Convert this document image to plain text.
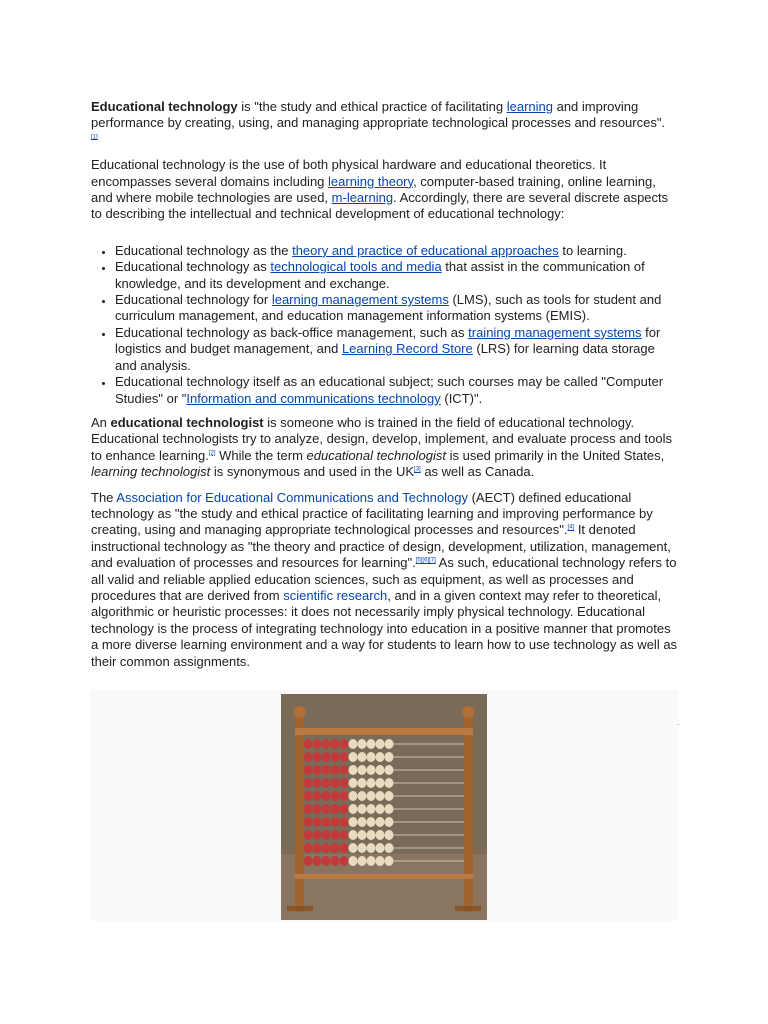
Educational technology is "the study and ethical practice of facilitating learning and improving performance by creating, using, and managing appropriate technological processes and resources".
[1]

Educational technology is the use of both physical hardware and educational theoretics. It encompasses several domains including learning theory, computer-based training, online learning, and where mobile technologies are used, m-learning. Accordingly, there are several discrete aspects to describing the intellectual and technical development of educational technology:

• Educational technology as the theory and practice of educational approaches to learning.
• Educational technology as technological tools and media that assist in the communication of knowledge, and its development and exchange.
• Educational technology for learning management systems (LMS), such as tools for student and curriculum management, and education management information systems (EMIS).
• Educational technology as back-office management, such as training management systems for logistics and budget management, and Learning Record Store (LRS) for learning data storage and analysis.
• Educational technology itself as an educational subject; such courses may be called "Computer Studies" or "Information and communications technology (ICT)".

An educational technologist is someone who is trained in the field of educational technology. Educational technologists try to analyze, design, develop, implement, and evaluate process and tools to enhance learning.[2] While the term educational technologist is used primarily in the United States, learning technologist is synonymous and used in the UK[3] as well as Canada.

The Association for Educational Communications and Technology (AECT) defined educational technology as "the study and ethical practice of facilitating learning and improving performance by creating, using and managing appropriate technological processes and resources".[4] It denoted instructional technology as "the theory and practice of design, development, utilization, management, and evaluation of processes and resources for learning".[5][6][7] As such, educational technology refers to all valid and reliable applied education sciences, such as equipment, as well as processes and procedures that are derived from scientific research, and in a given context may refer to theoretical, algorithmic or heuristic processes: it does not necessarily imply physical technology. Educational technology is the process of integrating technology into education in a positive manner that promotes a more diverse learning environment and a way for students to learn how to use technology as well as their common assignments.
